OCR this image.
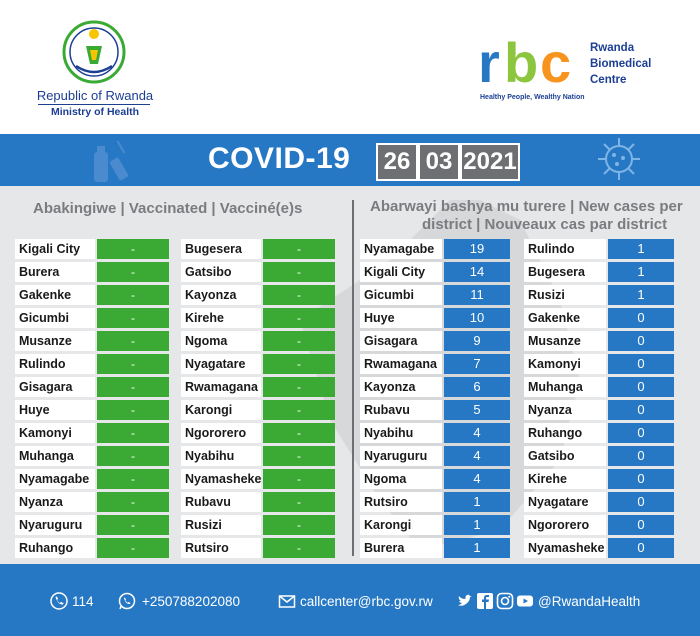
Republic of Rwanda
Ministry of Health
r b c Rwanda
Biomedical
Centre
Healthy People, Wealthy Nation
COVID-19	26 03 2021
Abakingiwe | Vaccinated | Vacciné(e)s	Abarwayi bashya mu turere | New cases per
district | Nouveaux cas par district
Kigali City	-
Burera	-
Gakenke	-
Gicumbi	-
Musanze	-
Rulindo	-
Gisagara	-
Huye	-
Kamonyi	-
Muhanga	-
Nyamagabe	-
Nyanza	-
Nyaruguru	-
Ruhango	-
Bugesera	-
Gatsibo	-
Kayonza	-
Kirehe	-
Ngoma	-
Nyagatare	-
Rwamagana	-
Karongi	-
Ngororero	-
Nyabihu	-
Nyamasheke	-
Rubavu	-
Rusizi	-
Rutsiro	-
Nyamagabe	19
Kigali City	14
Gicumbi	11
Huye	10
Gisagara	9
Rwamagana	7
Kayonza	6
Rubavu	5
Nyabihu	4
Nyaruguru	4
Ngoma	4
Rutsiro	1
Karongi	1
Burera	1
Rulindo	1
Bugesera	1
Rusizi	1
Gakenke	0
Musanze	0
Kamonyi	0
Muhanga	0
Nyanza	0
Ruhango	0
Gatsibo	0
Kirehe	0
Nyagatare	0
Ngororero	0
Nyamasheke	0
114	+250788202080	callcenter@rbc.gov.rw	@RwandaHealth
